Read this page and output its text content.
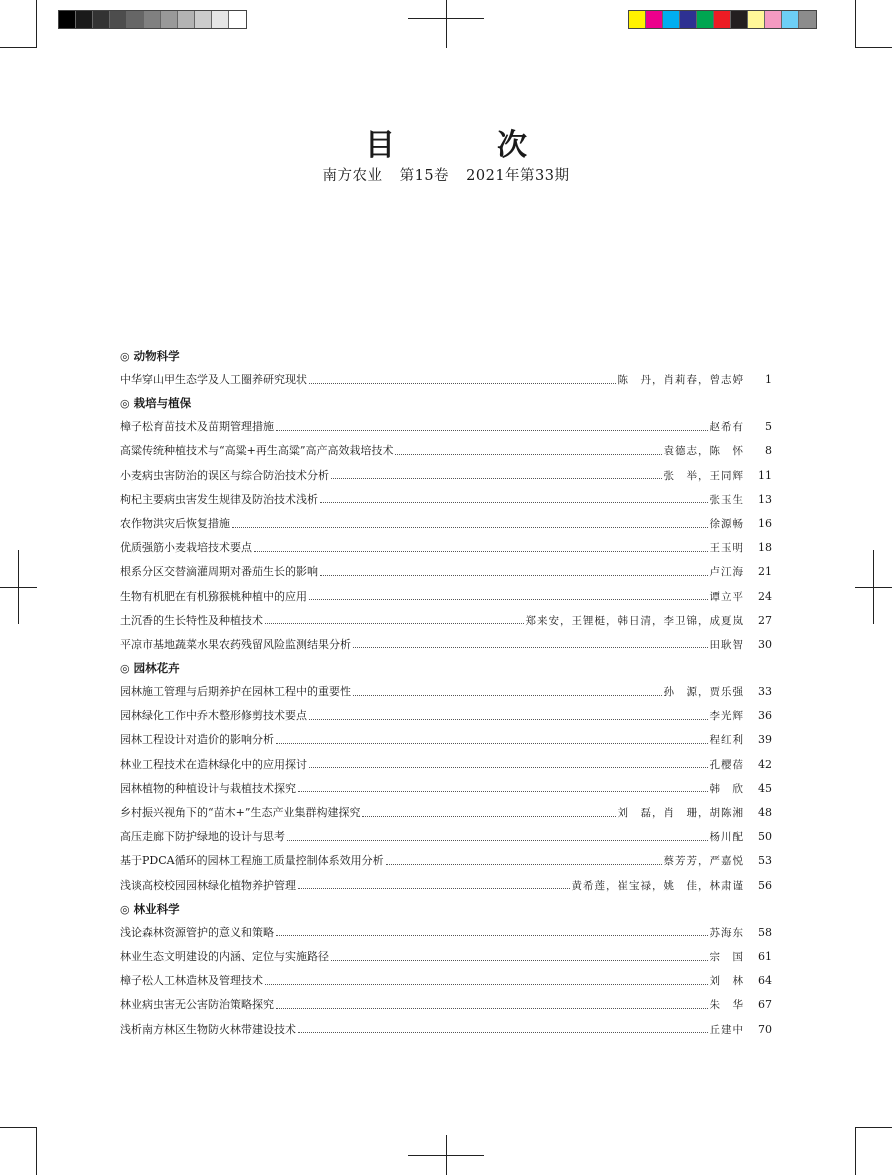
目　次
南方农业 第15卷 2021年第33期
◎ 动物科学
中华穿山甲生态学及人工圈养研究现状	陈　丹，肖莉春，曾志婷	1
◎ 栽培与植保
樟子松育苗技术及苗期管理措施	赵希有	5
高粱传统种植技术与“高粱+再生高粱”高产高效栽培技术	袁德志，陈　怀	8
小麦病虫害防治的误区与综合防治技术分析	张　举，王同辉	11
枸杞主要病虫害发生规律及防治技术浅析	张玉生	13
农作物洪灾后恢复措施	徐源畅	16
优质强筋小麦栽培技术要点	王玉明	18
根系分区交替滴灌周期对番茄生长的影响	卢江海	21
生物有机肥在有机猕猴桃种植中的应用	谭立平	24
土沉香的生长特性及种植技术	郑来安，王锂梃，韩日清，李卫锦，成夏岚	27
平凉市基地蔬菜水果农药残留风险监测结果分析	田耿智	30
◎ 园林花卉
园林施工管理与后期养护在园林工程中的重要性	孙　源，贾乐强	33
园林绿化工作中乔木整形修剪技术要点	李光辉	36
园林工程设计对造价的影响分析	程红利	39
林业工程技术在造林绿化中的应用探讨	孔樱蓓	42
园林植物的种植设计与栽植技术探究	韩　欣	45
乡村振兴视角下的“苗木+”生态产业集群构建探究	刘　磊，肖　珊，胡陈湘	48
高压走廊下防护绿地的设计与思考	杨川配	50
基于PDCA循环的园林工程施工质量控制体系效用分析	蔡芳芳，严嘉悦	53
浅谈高校校园园林绿化植物养护管理	黄希莲，崔宝禄，姚　佳，林肃谨	56
◎ 林业科学
浅论森林资源管护的意义和策略	苏海东	58
林业生态文明建设的内涵、定位与实施路径	宗　国	61
樟子松人工林造林及管理技术	刘　林	64
林业病虫害无公害防治策略探究	朱　华	67
浅析南方林区生物防火林带建设技术	丘建中	70
